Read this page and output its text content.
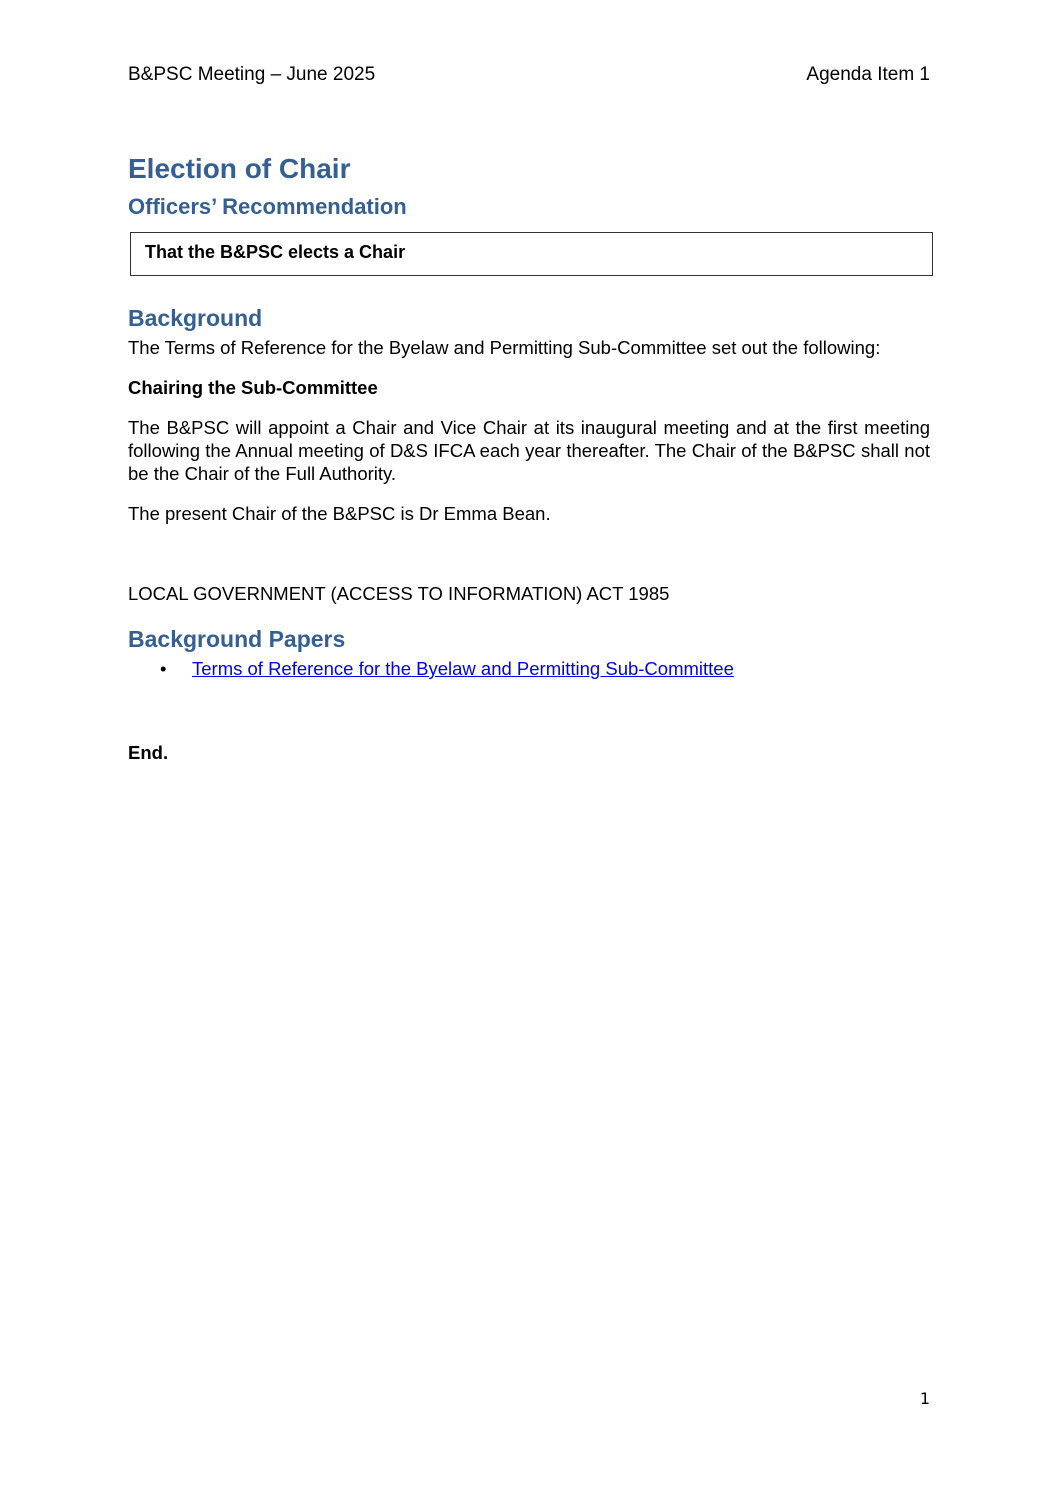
B&PSC Meeting – June 2025	Agenda Item 1
Election of Chair
Officers’ Recommendation
That the B&PSC elects a Chair
Background
The Terms of Reference for the Byelaw and Permitting Sub-Committee set out the following:
Chairing the Sub-Committee
The B&PSC will appoint a Chair and Vice Chair at its inaugural meeting and at the first meeting following the Annual meeting of D&S IFCA each year thereafter. The Chair of the B&PSC shall not be the Chair of the Full Authority.
The present Chair of the B&PSC is Dr Emma Bean.
LOCAL GOVERNMENT (ACCESS TO INFORMATION) ACT 1985
Background Papers
• Terms of Reference for the Byelaw and Permitting Sub-Committee
End.
1
